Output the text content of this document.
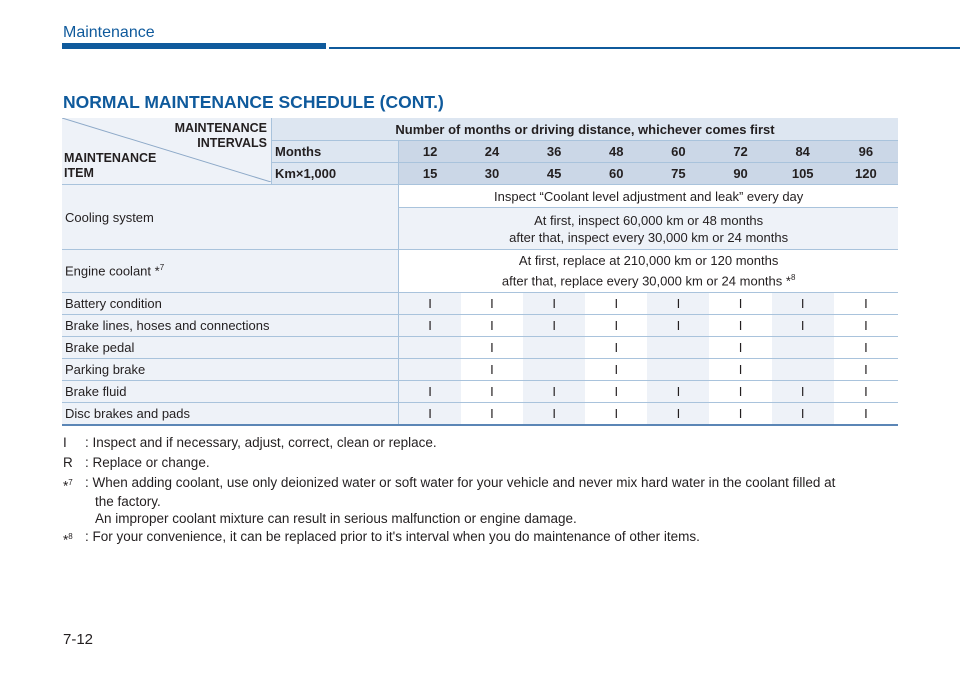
Maintenance
NORMAL MAINTENANCE SCHEDULE (CONT.)
MAINTENANCE
INTERVALS
MAINTENANCE
ITEM	Number of months or driving distance, whichever comes first								
	Months	12	24	36	48	60	72	84	96
	Km×1,000	15	30	45	60	75	90	105	120
Cooling system		Inspect “Coolant level adjustment and leak” every day							
		At first, inspect 60,000 km or 48 months
after that, inspect every 30,000 km or 24 months							
Engine coolant *$^7$		At first, replace at 210,000 km or 120 months
after that, replace every 30,000 km or 24 months *$^8$
Battery condition		I	I	I	I	I	I	I	I
Brake lines, hoses and connections		I	I	I	I	I	I	I	I
Brake pedal			I		I		I		I
Parking brake			I		I		I		I
Brake fluid		I	I	I	I	I	I	I	I
Disc brakes and pads		I	I	I	I	I	I	I	I
I	: Inspect and if necessary, adjust, correct, clean or replace.
R : Replace or change.
*$^7$ : When adding coolant, use only deionized water or soft water for your vehicle and never mix hard water in the coolant filled at
the factory.
An improper coolant mixture can result in serious malfunction or engine damage.
*$^8$ : For your convenience, it can be replaced prior to it's interval when you do maintenance of other items.
7-12
